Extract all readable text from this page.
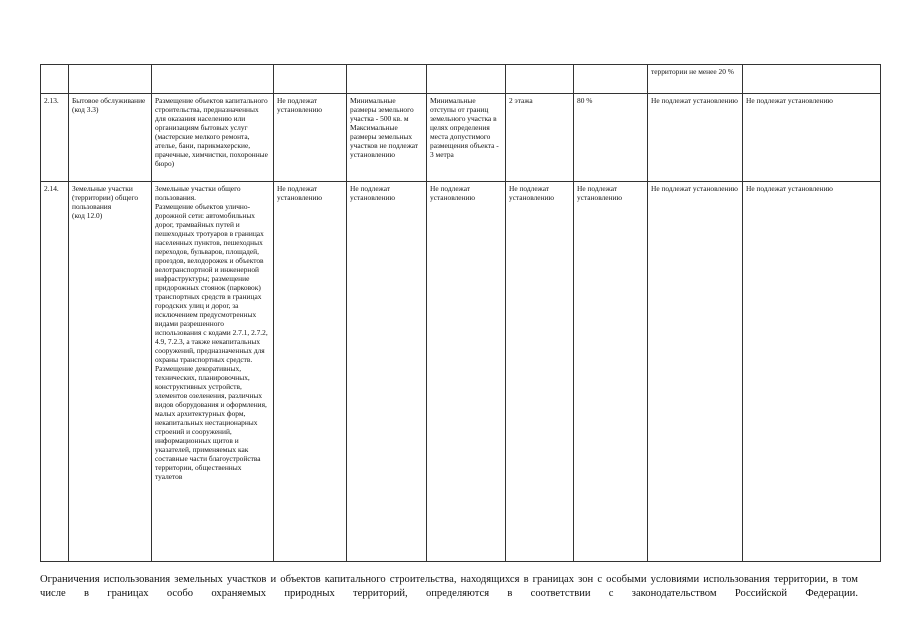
								территории не менее 20 %	
2.13.	Бытовое обслуживание (код 3.3)	Размещение объектов капитального строительства, предназначенных для оказания населению или организациям бытовых услуг (мастерские мелкого ремонта, ателье, бани, парикмахерские, прачечные, химчистки, похоронные бюро)	Не подлежат установлению	Минимальные размеры земельного участка - 500 кв. м
Максимальные размеры земельных участков не подлежат установлению	Минимальные отступы от границ земельного участка в целях определения места допустимого размещения объекта - 3 метра	2 этажа	80 %	Не подлежат установлению	Не подлежат установлению
2.14.	Земельные участки (территории) общего пользования
(код 12.0)	Земельные участки общего пользования.
Размещение объектов улично-дорожной сети: автомобильных дорог, трамвайных путей и пешеходных тротуаров в границах населенных пунктов, пешеходных переходов, бульваров, площадей, проездов, велодорожек и объектов велотранспортной и инженерной инфраструктуры; размещение придорожных стоянок (парковок) транспортных средств в границах городских улиц и дорог, за исключением предусмотренных видами разрешенного использования с кодами 2.7.1, 2.7.2, 4.9, 7.2.3, а также некапитальных сооружений, предназначенных для охраны транспортных средств.
Размещение декоративных, технических, планировочных, конструктивных устройств, элементов озеленения, различных видов оборудования и оформления, малых архитектурных форм, некапитальных нестационарных строений и сооружений, информационных щитов и указателей, применяемых как составные части благоустройства территории, общественных туалетов	Не подлежат установлению	Не подлежат установлению	Не подлежат установлению	Не подлежат установлению	Не подлежат установлению	Не подлежат установлению	Не подлежат установлению
Ограничения использования земельных участков и объектов капитального строительства, находящихся в границах зон с особыми условиями использования территории, в том числе в границах особо охраняемых природных территорий, определяются в соответствии с законодательством Российской Федерации.
